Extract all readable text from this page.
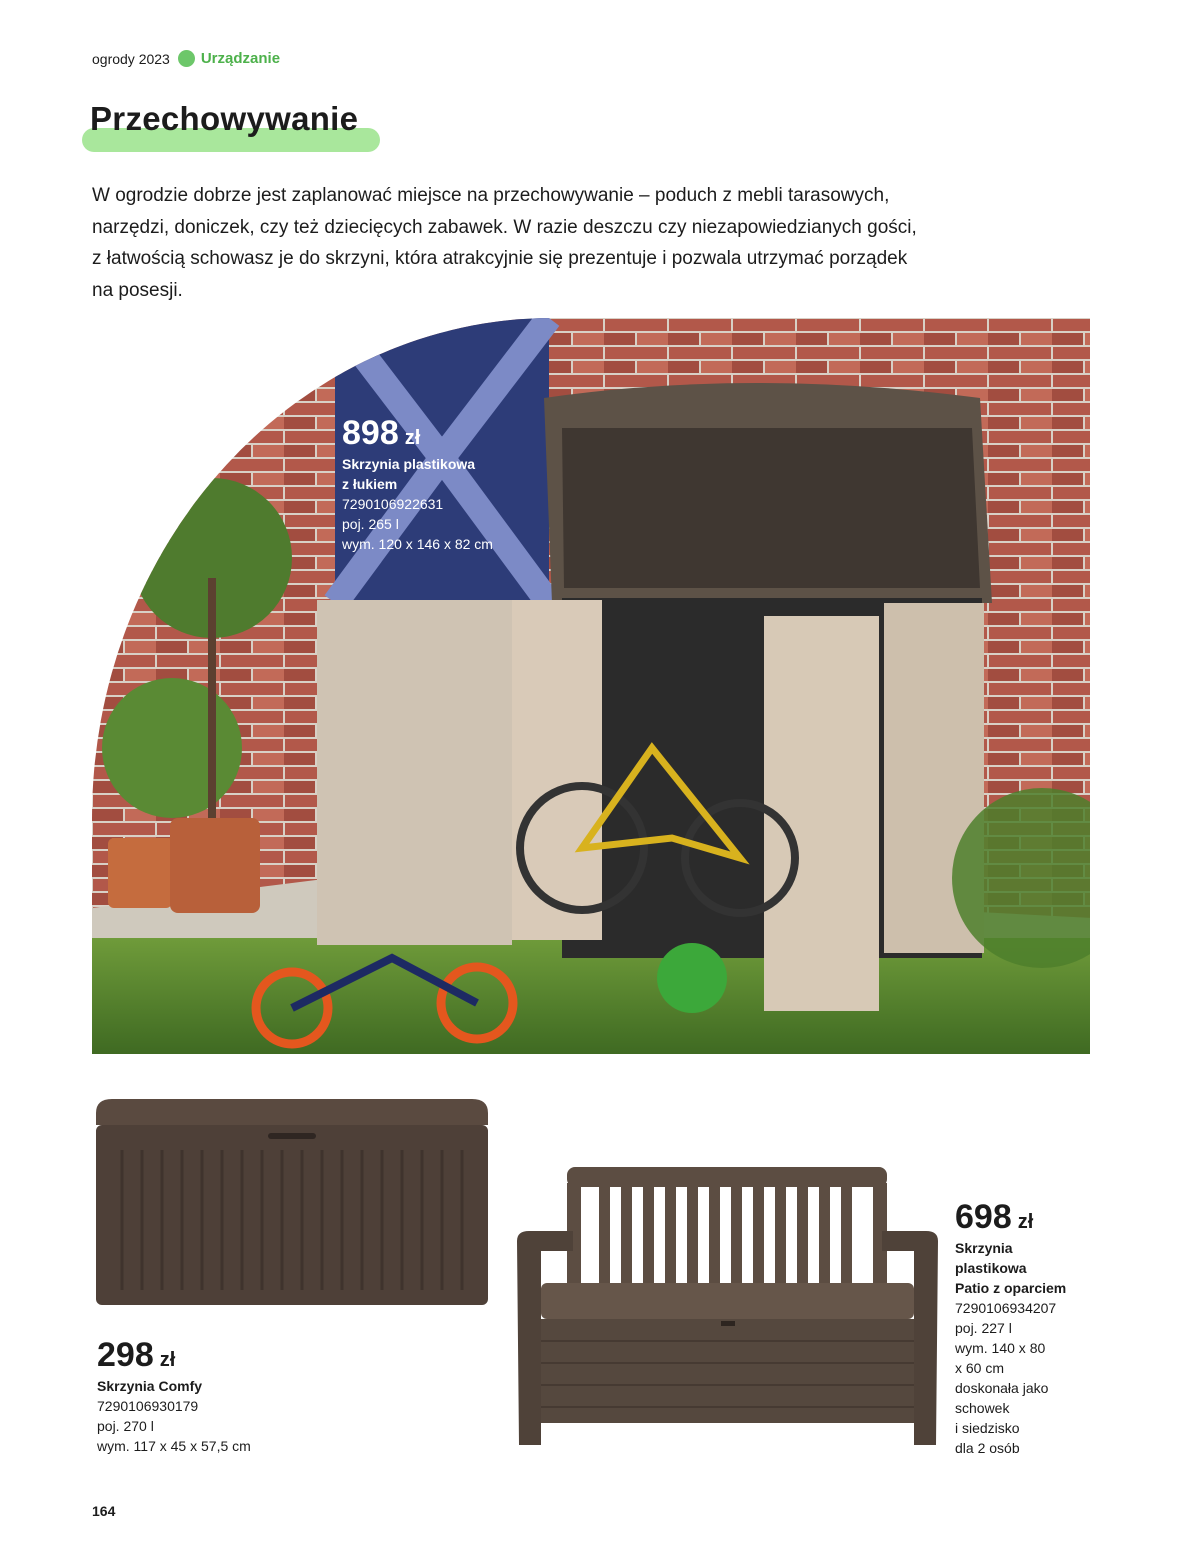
ogrody 2023 Urządzanie
Przechowywanie

W ogrodzie dobrze jest zaplanować miejsce na przechowywanie – poduch z mebli tarasowych,
narzędzi, doniczek, czy też dziecięcych zabawek. W razie deszczu czy niezapowiedzianych gości,
z łatwością schowasz je do skrzyni, która atrakcyjnie się prezentuje i pozwala utrzymać porządek
na posesji.

898 zł
Skrzynia plastikowa
z łukiem
7290106922631
poj. 265 l
wym. 120 x 146 x 82 cm
298 zł
Skrzynia Comfy
7290106930179
poj. 270 l
wym. 117 x 45 x 57,5 cm
698 zł
Skrzynia
plastikowa
Patio z oparciem
7290106934207
poj. 227 l
wym. 140 x 80
x 60 cm
doskonała jako
schowek
i siedzisko
dla 2 osób
164
